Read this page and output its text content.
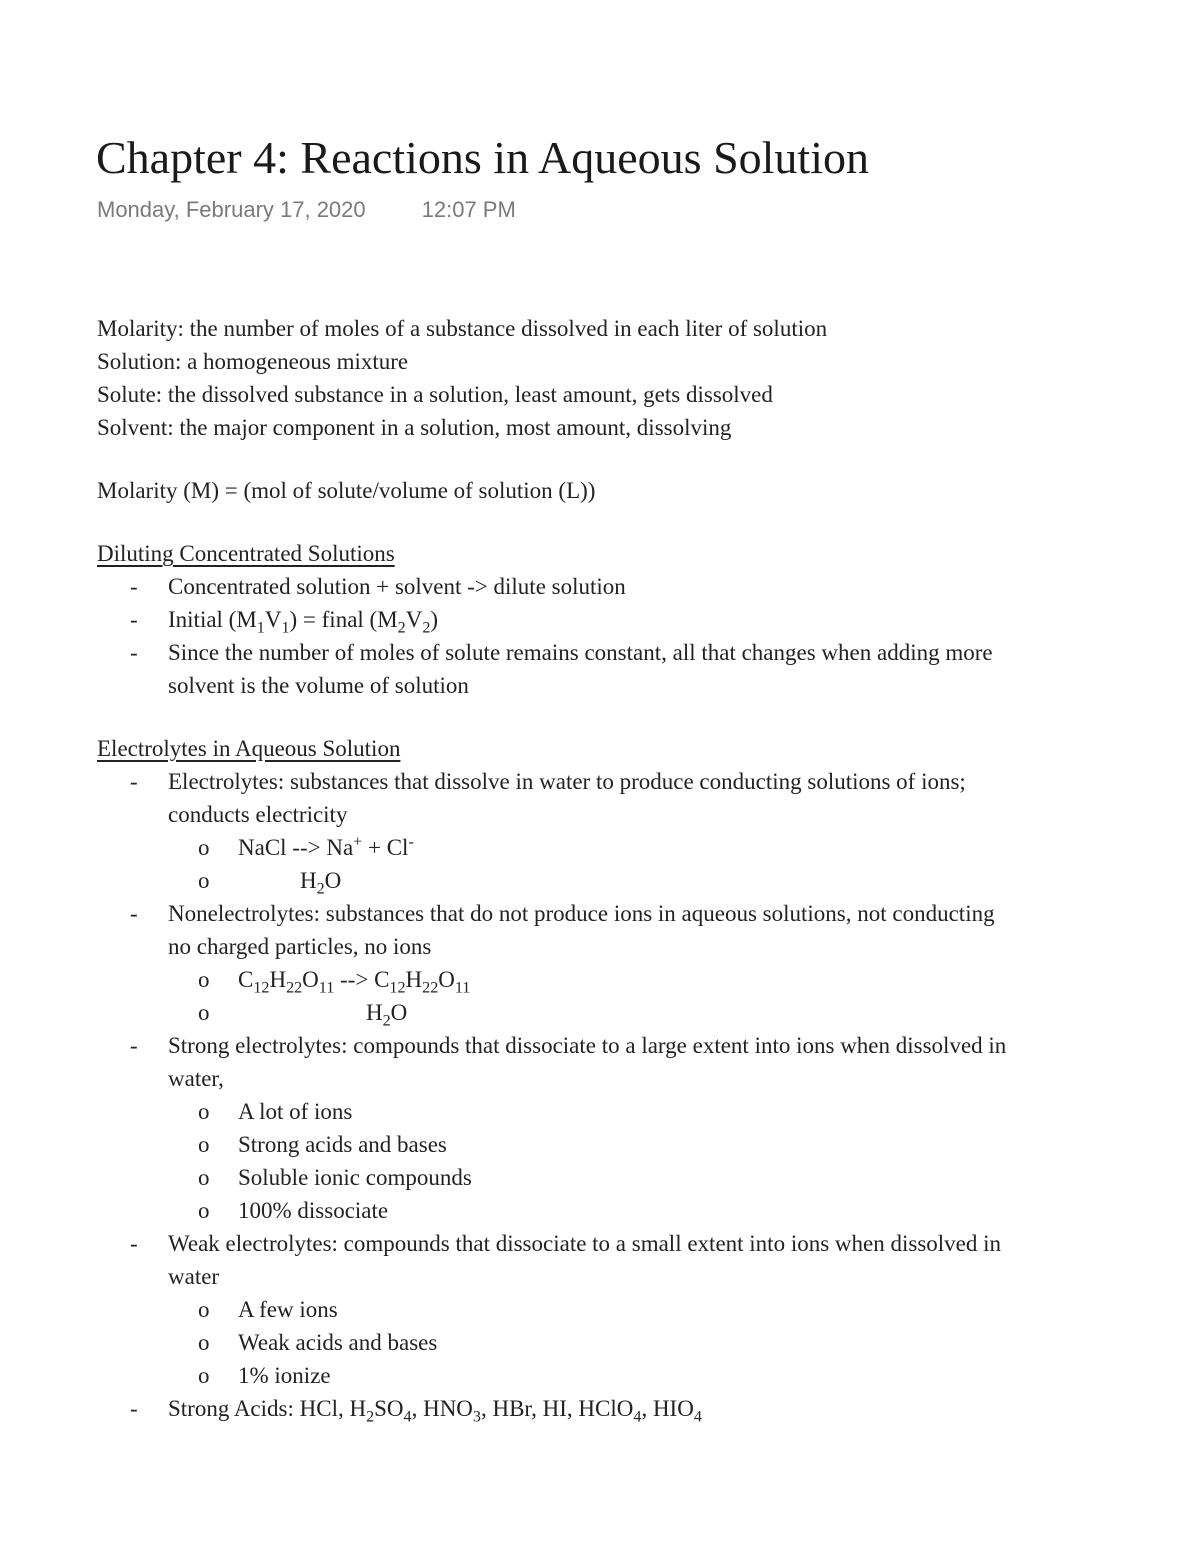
Chapter 4: Reactions in Aqueous Solution
Monday, February 17, 2020	12:07 PM
Molarity: the number of moles of a substance dissolved in each liter of solution
Solution: a homogeneous mixture
Solute: the dissolved substance in a solution, least amount, gets dissolved
Solvent: the major component in a solution, most amount, dissolving
Molarity (M) = (mol of solute/volume of solution (L))
Diluting Concentrated Solutions
- Concentrated solution + solvent -> dilute solution
- Initial $(M_1V_1)$ = final $(M_2V_2)$
- Since the number of moles of solute remains constant, all that changes when adding more
solvent is the volume of solution
Electrolytes in Aqueous Solution
- Electrolytes: substances that dissolve in water to produce conducting solutions of ions;
conducts electricity
o NaCl --> Na+ + Cl-
o	$H_2O$
- Nonelectrolytes: substances that do not produce ions in aqueous solutions, not conducting
no charged particles, no ions
o $C_{12}H_{22}O_{11}$ --> $C_{12}H_{22}O_{11}$
o	$H_2O$
- Strong electrolytes: compounds that dissociate to a large extent into ions when dissolved in
water,
o A lot of ions
o Strong acids and bases
o Soluble ionic compounds
o 100% dissociate
- Weak electrolytes: compounds that dissociate to a small extent into ions when dissolved in
water
o A few ions
o Weak acids and bases
o 1% ionize
- Strong Acids: HCl, $H_2SO_4$, $HNO_3$, HBr, HI, HClO$_4$, $HIO_4$
